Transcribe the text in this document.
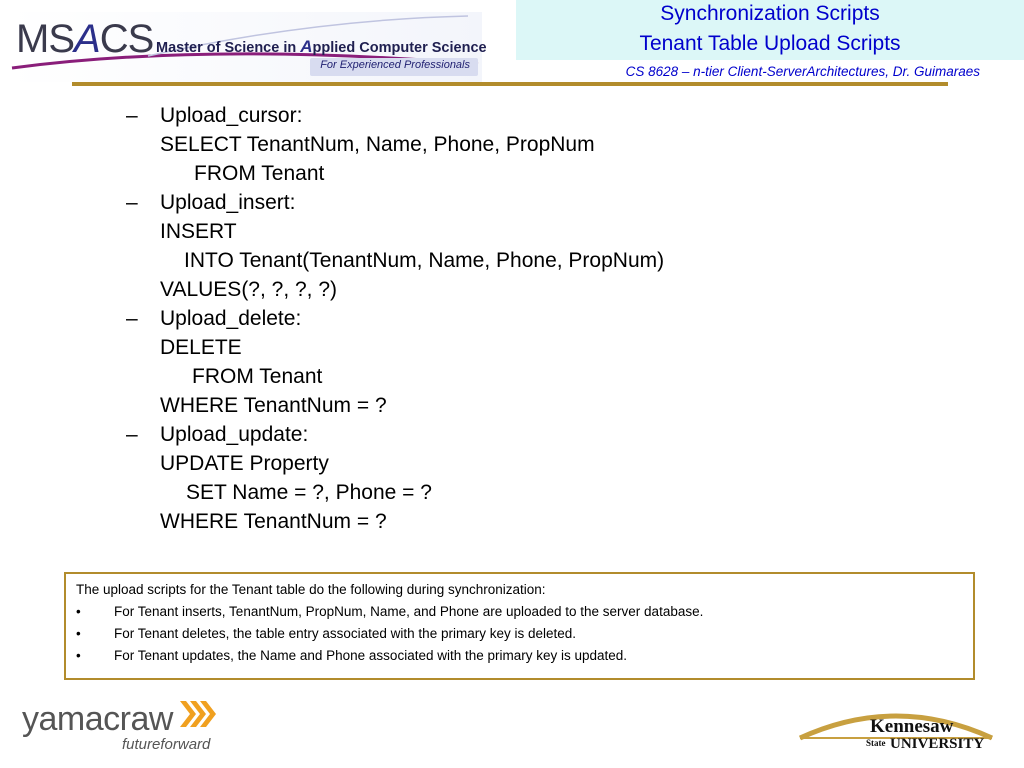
MSACS Master of Science in Applied Computer Science
For Experienced Professionals
Synchronization Scripts
Tenant Table Upload Scripts
CS 8628 – n-tier Client-ServerArchitectures, Dr. Guimaraes
–	Upload_cursor:
SELECT TenantNum, Name, Phone, PropNum
FROM Tenant
–	Upload_insert:
INSERT
INTO Tenant(TenantNum, Name, Phone, PropNum)
VALUES(?, ?, ?, ?)
–	Upload_delete:
DELETE
FROM Tenant
WHERE TenantNum = ?
–	Upload_update:
UPDATE Property
SET Name = ?, Phone = ?
WHERE TenantNum = ?
The upload scripts for the Tenant table do the following during synchronization:
• For Tenant inserts, TenantNum, PropNum, Name, and Phone are uploaded to the server database.
• For Tenant deletes, the table entry associated with the primary key is deleted.
• For Tenant updates, the Name and Phone associated with the primary key is updated.
yamacraw
futureforward
Kennesaw
State UNIVERSITY
